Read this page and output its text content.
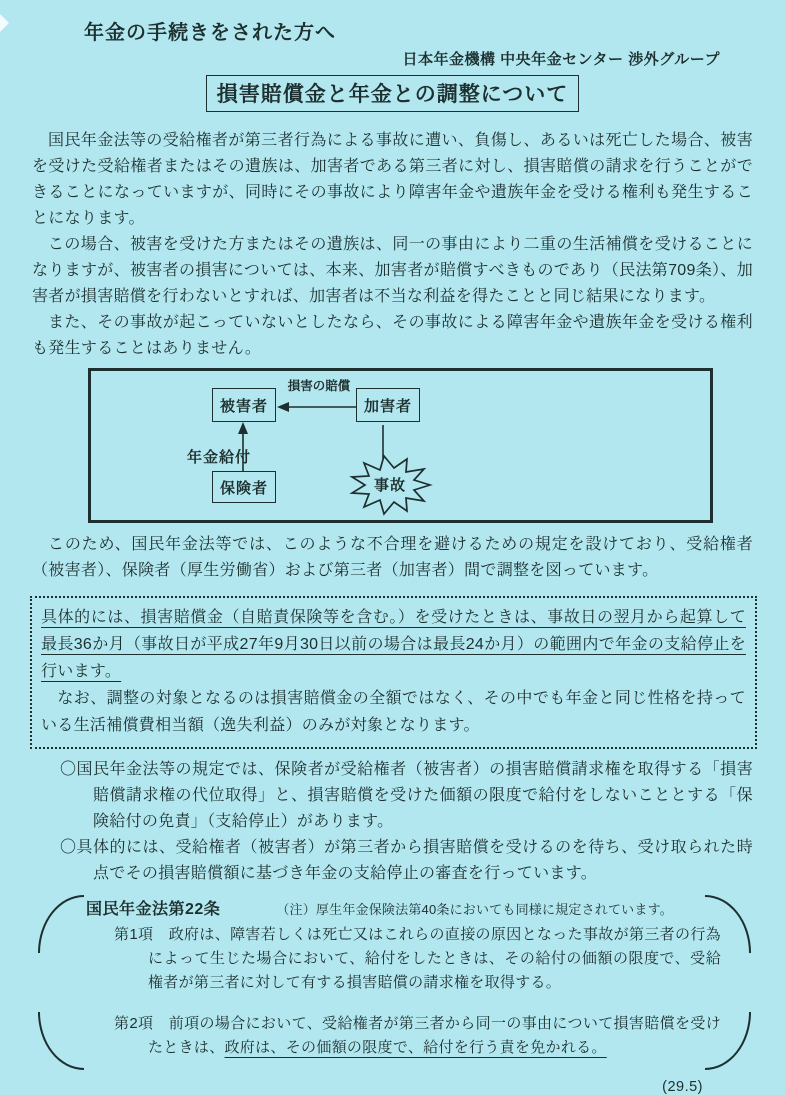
年金の手続きをされた方へ
日本年金機構 中央年金センター 渉外グループ
損害賠償金と年金との調整について

国民年金法等の受給権者が第三者行為による事故に遭い、負傷し、あるいは死亡した場合、被害を受けた受給権者またはその遺族は、加害者である第三者に対し、損害賠償の請求を行うことができることになっていますが、同時にその事故により障害年金や遺族年金を受ける権利も発生することになります。

この場合、被害を受けた方またはその遺族は、同一の事由により二重の生活補償を受けることになりますが、被害者の損害については、本来、加害者が賠償すべきものであり（民法第709条）、加害者が損害賠償を行わないとすれば、加害者は不当な利益を得たことと同じ結果になります。

また、その事故が起こっていないとしたなら、その事故による障害年金や遺族年金を受ける権利も発生することはありません。

被害者	加害者
保険者
損害の賠償
年金給付
事故

このため、国民年金法等では、このような不合理を避けるための規定を設けており、受給権者（被害者）、保険者（厚生労働省）および第三者（加害者）間で調整を図っています。

具体的には、損害賠償金（自賠責保険等を含む。）を受けたときは、事故日の翌月から起算して最長36か月（事故日が平成27年9月30日以前の場合は最長24か月）の範囲内で年金の支給停止を行います。

　なお、調整の対象となるのは損害賠償金の全額ではなく、その中でも年金と同じ性格を持っている生活補償費相当額（逸失利益）のみが対象となります。

〇国民年金法等の規定では、保険者が受給権者（被害者）の損害賠償請求権を取得する「損害賠償請求権の代位取得」と、損害賠償を受けた価額の限度で給付をしないこととする「保険給付の免責」（支給停止）があります。

〇具体的には、受給権者（被害者）が第三者から損害賠償を受けるのを待ち、受け取られた時点でその損害賠償額に基づき年金の支給停止の審査を行っています。

国民年金法第22条	（注）厚生年金保険法第40条においても同様に規定されています。

第1項　政府は、障害若しくは死亡又はこれらの直接の原因となった事故が第三者の行為によって生じた場合において、給付をしたときは、その給付の価額の限度で、受給権者が第三者に対して有する損害賠償の請求権を取得する。

第2項　前項の場合において、受給権者が第三者から同一の事由について損害賠償を受けたときは、政府は、その価額の限度で、給付を行う責を免かれる。

(29.5)
